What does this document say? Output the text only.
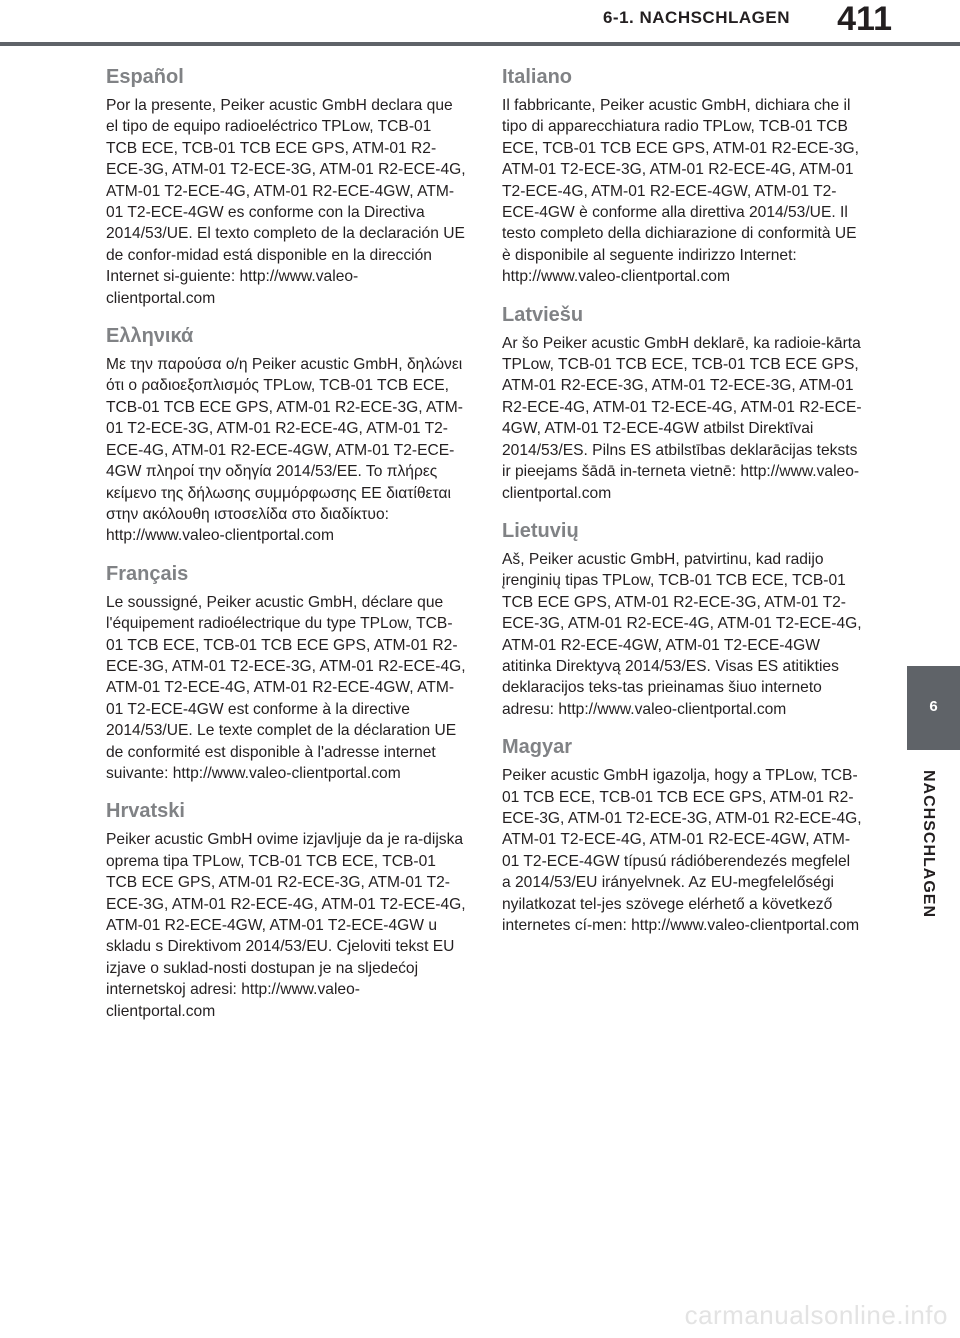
6-1. NACHSCHLAGEN 411
Español

Por la presente, Peiker acustic GmbH declara que el tipo de equipo radioeléctrico TPLow, TCB-01 TCB ECE, TCB-01 TCB ECE GPS, ATM-01 R2-ECE-3G, ATM-01 T2-ECE-3G, ATM-01 R2-ECE-4G, ATM-01 T2-ECE-4G, ATM-01 R2-ECE-4GW, ATM-01 T2-ECE-4GW es conforme con la Directiva 2014/53/UE. El texto completo de la declaración UE de confor-midad está disponible en la dirección Internet si-guiente: http://www.valeo-clientportal.com

Ελληνικά

Με την παρούσα ο/η Peiker acustic GmbH, δηλώνει ότι ο ραδιοεξοπλισμός TPLow, TCB-01 TCB ECE, TCB-01 TCB ECE GPS, ATM-01 R2-ECE-3G, ATM-01 T2-ECE-3G, ATM-01 R2-ECE-4G, ATM-01 T2-ECE-4G, ATM-01 R2-ECE-4GW, ATM-01 T2-ECE-4GW πληροί την οδηγία 2014/53/ΕΕ. Το πλήρες κείμενο της δήλωσης συμμόρφωσης ΕΕ διατίθεται στην ακόλουθη ιστοσελίδα στο διαδίκτυο: http://www.valeo-clientportal.com

Français

Le soussigné, Peiker acustic GmbH, déclare que l'équipement radioélectrique du type TPLow, TCB-01 TCB ECE, TCB-01 TCB ECE GPS, ATM-01 R2-ECE-3G, ATM-01 T2-ECE-3G, ATM-01 R2-ECE-4G, ATM-01 T2-ECE-4G, ATM-01 R2-ECE-4GW, ATM-01 T2-ECE-4GW est conforme à la directive 2014/53/UE. Le texte complet de la déclaration UE de conformité est disponible à l'adresse internet suivante: http://www.valeo-clientportal.com

Hrvatski

Peiker acustic GmbH ovime izjavljuje da je ra-dijska oprema tipa TPLow, TCB-01 TCB ECE, TCB-01 TCB ECE GPS, ATM-01 R2-ECE-3G, ATM-01 T2-ECE-3G, ATM-01 R2-ECE-4G, ATM-01 T2-ECE-4G, ATM-01 R2-ECE-4GW, ATM-01 T2-ECE-4GW u skladu s Direktivom 2014/53/EU. Cjeloviti tekst EU izjave o suklad-nosti dostupan je na sljedećoj internetskoj adresi: http://www.valeo-clientportal.com

Italiano

Il fabbricante, Peiker acustic GmbH, dichiara che il tipo di apparecchiatura radio TPLow, TCB-01 TCB ECE, TCB-01 TCB ECE GPS, ATM-01 R2-ECE-3G, ATM-01 T2-ECE-3G, ATM-01 R2-ECE-4G, ATM-01 T2-ECE-4G, ATM-01 R2-ECE-4GW, ATM-01 T2-ECE-4GW è conforme alla direttiva 2014/53/UE. Il testo completo della dichiarazione di conformità UE è disponibile al seguente indirizzo Internet: http://www.valeo-clientportal.com

Latviešu

Ar šo Peiker acustic GmbH deklarē, ka radioie-kārta TPLow, TCB-01 TCB ECE, TCB-01 TCB ECE GPS, ATM-01 R2-ECE-3G, ATM-01 T2-ECE-3G, ATM-01 R2-ECE-4G, ATM-01 T2-ECE-4G, ATM-01 R2-ECE-4GW, ATM-01 T2-ECE-4GW atbilst Direktīvai 2014/53/ES. Pilns ES atbilstības deklarācijas teksts ir pieejams šādā in-terneta vietnē: http://www.valeo-clientportal.com

Lietuvių

Aš, Peiker acustic GmbH, patvirtinu, kad radijo įrenginių tipas TPLow, TCB-01 TCB ECE, TCB-01 TCB ECE GPS, ATM-01 R2-ECE-3G, ATM-01 T2-ECE-3G, ATM-01 R2-ECE-4G, ATM-01 T2-ECE-4G, ATM-01 R2-ECE-4GW, ATM-01 T2-ECE-4GW atitinka Direktyvą 2014/53/ES. Visas ES atitikties deklaracijos teks-tas prieinamas šiuo interneto adresu: http://www.valeo-clientportal.com

Magyar

Peiker acustic GmbH igazolja, hogy a TPLow, TCB-01 TCB ECE, TCB-01 TCB ECE GPS, ATM-01 R2-ECE-3G, ATM-01 T2-ECE-3G, ATM-01 R2-ECE-4G, ATM-01 T2-ECE-4G, ATM-01 R2-ECE-4GW, ATM-01 T2-ECE-4GW típusú rádióberendezés megfelel a 2014/53/EU irányelvnek. Az EU-megfelelőségi nyilatkozat tel-jes szövege elérhető a következő internetes cí-men: http://www.valeo-clientportal.com

6
NACHSCHLAGEN
carmanualsonline.info
